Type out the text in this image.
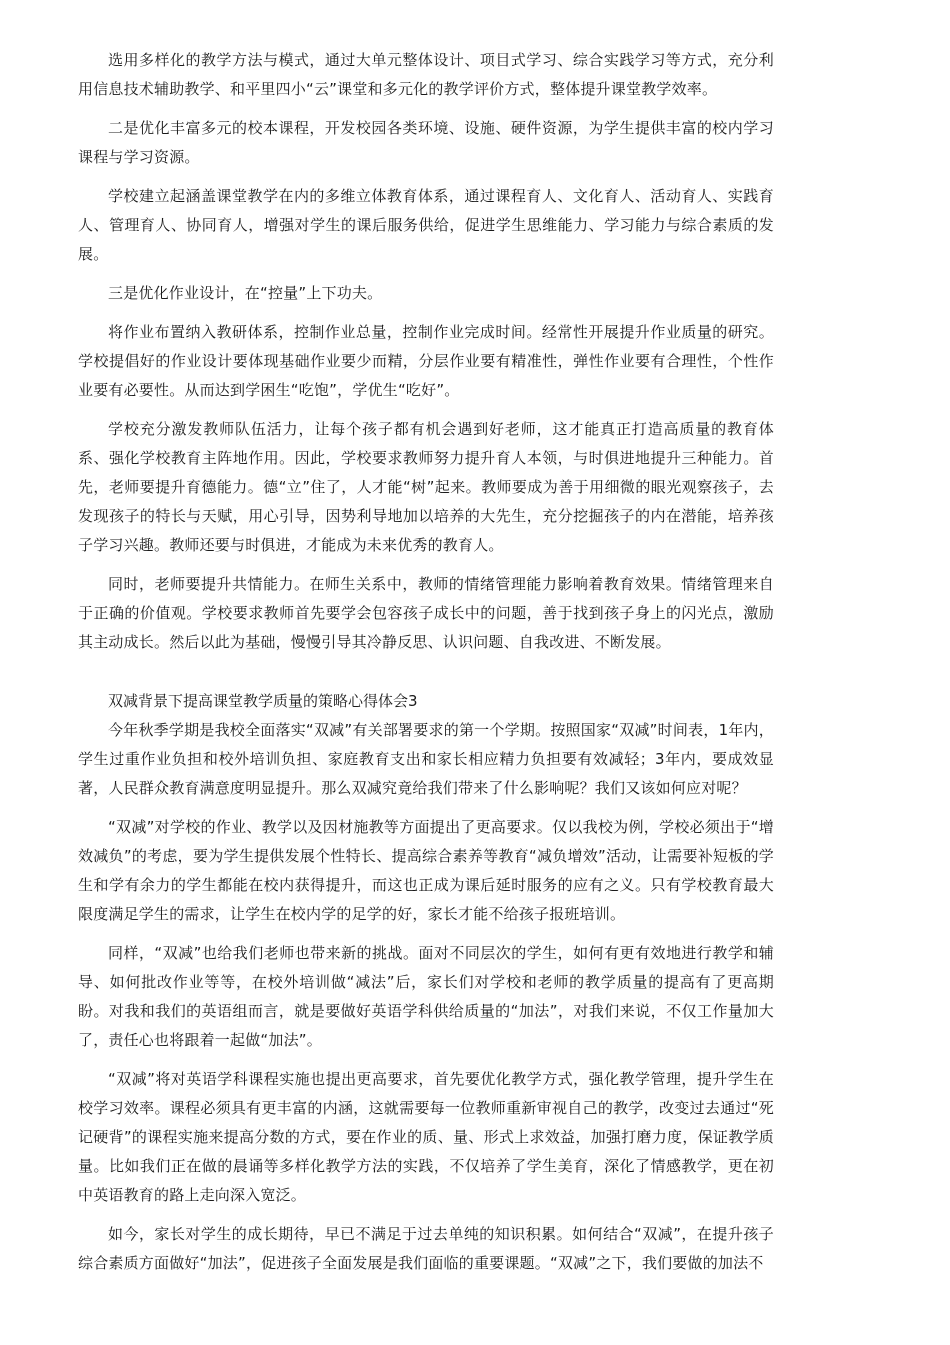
选用多样化的教学方法与模式，通过大单元整体设计、项目式学习、综合实践学习等方式，充分利用信息技术辅助教学、和平里四小“云”课堂和多元化的教学评价方式，整体提升课堂教学效率。

二是优化丰富多元的校本课程，开发校园各类环境、设施、硬件资源，为学生提供丰富的校内学习课程与学习资源。

学校建立起涵盖课堂教学在内的多维立体教育体系，通过课程育人、文化育人、活动育人、实践育人、管理育人、协同育人，增强对学生的课后服务供给，促进学生思维能力、学习能力与综合素质的发展。

三是优化作业设计，在“控量”上下功夫。

将作业布置纳入教研体系，控制作业总量，控制作业完成时间。经常性开展提升作业质量的研究。学校提倡好的作业设计要体现基础作业要少而精，分层作业要有精准性，弹性作业要有合理性，个性作业要有必要性。从而达到学困生“吃饱”，学优生“吃好”。

学校充分激发教师队伍活力，让每个孩子都有机会遇到好老师，这才能真正打造高质量的教育体系、强化学校教育主阵地作用。因此，学校要求教师努力提升育人本领，与时俱进地提升三种能力。首先，老师要提升育德能力。德“立”住了，人才能“树”起来。教师要成为善于用细微的眼光观察孩子，去发现孩子的特长与天赋，用心引导，因势利导地加以培养的大先生，充分挖掘孩子的内在潜能，培养孩子学习兴趣。教师还要与时俱进，才能成为未来优秀的教育人。

同时，老师要提升共情能力。在师生关系中，教师的情绪管理能力影响着教育效果。情绪管理来自于正确的价值观。学校要求教师首先要学会包容孩子成长中的问题，善于找到孩子身上的闪光点，激励其主动成长。然后以此为基础，慢慢引导其冷静反思、认识问题、自我改进、不断发展。

双减背景下提高课堂教学质量的策略心得体会3

今年秋季学期是我校全面落实“双减”有关部署要求的第一个学期。按照国家“双减”时间表，1年内，学生过重作业负担和校外培训负担、家庭教育支出和家长相应精力负担要有效减轻；3年内，要成效显著，人民群众教育满意度明显提升。那么双减究竟给我们带来了什么影响呢？我们又该如何应对呢？

“双减”对学校的作业、教学以及因材施教等方面提出了更高要求。仅以我校为例，学校必须出于“增效减负”的考虑，要为学生提供发展个性特长、提高综合素养等教育“减负增效”活动，让需要补短板的学生和学有余力的学生都能在校内获得提升，而这也正成为课后延时服务的应有之义。只有学校教育最大限度满足学生的需求，让学生在校内学的足学的好，家长才能不给孩子报班培训。

同样，“双减”也给我们老师也带来新的挑战。面对不同层次的学生，如何有更有效地进行教学和辅导、如何批改作业等等，在校外培训做“减法”后，家长们对学校和老师的教学质量的提高有了更高期盼。对我和我们的英语组而言，就是要做好英语学科供给质量的“加法”，对我们来说，不仅工作量加大了，责任心也将跟着一起做“加法”。

“双减”将对英语学科课程实施也提出更高要求，首先要优化教学方式，强化教学管理，提升学生在校学习效率。课程必须具有更丰富的内涵，这就需要每一位教师重新审视自己的教学，改变过去通过“死记硬背”的课程实施来提高分数的方式，要在作业的质、量、形式上求效益，加强打磨力度，保证教学质量。比如我们正在做的晨诵等多样化教学方法的实践，不仅培养了学生美育，深化了情感教学，更在初中英语教育的路上走向深入宽泛。

如今，家长对学生的成长期待，早已不满足于过去单纯的知识积累。如何结合“双减”，在提升孩子综合素质方面做好“加法”，促进孩子全面发展是我们面临的重要课题。“双减”之下，我们要做的加法不
